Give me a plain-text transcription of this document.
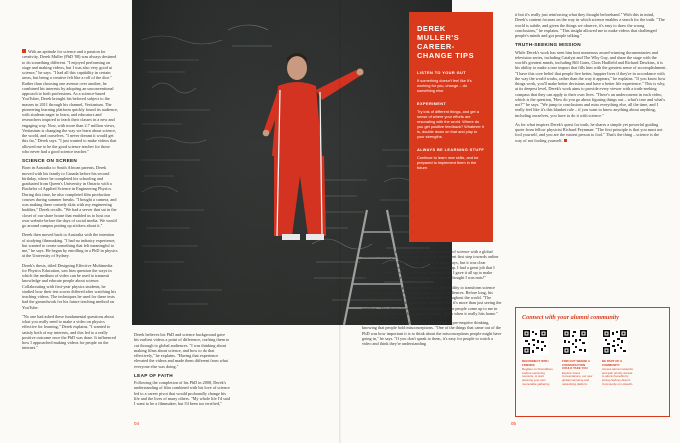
With an aptitude for science and a passion for creativity, Derek Muller (PhD '08) was always destined to do something different. "I enjoyed performing on stage and making videos, but I was also very good at science," he says. "I had all this capability in certain areas, but being a creative felt like a roll of the dice." Rather than choosing one avenue over another, he combined his interests by adopting an unconventional approach to both professions. As a science-based YouTuber, Derek brought his beloved subject to the masses in 2011 through his channel, Veritasium. The pioneering learning platform quickly found its audience, with students eager to learn, and educators and researchers inspired to teach their classes in a new and engaging way. Now, with more than 2.7 million views, Veritasium is changing the way we learn about science, the world, and ourselves. "I never dreamt it would get this far," Derek says. "I just wanted to make videos that allowed me to be the good science teacher for those who never had a good science teacher."

SCIENCE ON SCREEN

Born in Australia to South African parents, Derek moved with his family to Canada before his second birthday, where he completed his schooling and graduated from Queen's University in Ontario with a Bachelor of Applied Science in Engineering Physics. During this time, he also completed film production courses during summer breaks. "I bought a camera, and was making these comedy skits with my engineering buddies," Derek recalls. "We had a server that sat in the closet of our share house that enabled us to host our own website before the days of social media. We would go around campus putting up stickers about it."

Derek then moved back to Australia with the intention of studying filmmaking. "I had no industry experience, but wanted to create something that felt meaningful to me," he says. He began by enrolling in a PhD in physics at the University of Sydney.

Derek's thesis, titled Designing Effective Multimedia for Physics Education, saw him question the ways in which the medium of video can be used to transmit knowledge and educate people about science. Collaborating with first-year physics students, he studied how their test scores differed after watching his teaching videos. The techniques he used for these tests had the groundwork for his future teaching method on YouTube.

"No one had asked these fundamental questions about what you really need to make a video on physics effective for learning," Derek explains. "I wanted to satisfy both of my interests, and this led to a really positive outcome once the PhD was done. It influenced how I approached making videos for people on the internet."

Derek believes his PhD and science background gave his earliest videos a point of difference, crafting them to cut through to global audiences. "I was thinking about making films about science, and how to do that effectively," he explains. "Having that experience elevated the videos and made them different from what everyone else was doing."

LEAP OF FAITH

Following the completion of his PhD in 2008, Derek's understanding of film combined with his love of science led to a career pivot that would profoundly change his life and the lives of many others. "My whole life I'd said I want to be a filmmaker, but I'd been too terrified,"

he says. Driven by the desire to share his knowledge of science with a global audience, Derek put his fears aside and took a prescient first step towards online video creation. "YouTube was still nascent in those days, but it was clear something was happening," he says. "It was a real leap. I had a great job that I enjoyed, teaching physics at a tutoring company, and I gave it all up to make YouTube videos before that was a thing. My friends thought I was nuts!"

Derek's videos quickly garnered attention for their ability to transform science into an approachable and engaging subject for all audiences. Before long, his channel, Veritasium, had millions of subscribers throughout the world. "The numbers got unfathomable pretty fast," he says. "But it's more than just seeing the numbers – I've always found it most meaningful when people come up to me in the street and tell me they love what I'm doing. That's when it really hits home."

Derek believes that the key to success is his belief in pre-emptive thinking, knowing that people hold misconceptions. "One of the things that came out of the PhD was how important it is to think about the misconceptions people might have going in," he says. "If you don't speak to them, it's easy for people to watch a video and think they're understanding

DEREK MULLER'S CAREER-CHANGE TIPS
LISTEN TO YOUR GUT

If something doesn't feel like it's working for you, change – do something else.

EXPERIMENT

Try lots of different things, and get a sense of where your efforts are resonating with the world. Where do you get positive feedback? Whatever it is, double down on that and play to your strengths.

ALWAYS BE LEARNING STUFF

Continue to learn new skills, and be prepared to implement them in the future.

it but it's really just reinforcing what they thought beforehand." With this in mind, Derek's content focuses on the way in which science enables a search for the truth. "The world is subtle, and given the things we observe, it's easy to draw the wrong conclusions," he explains. "This insight allowed me to make videos that challenged people's minds and got people talking."

TRUTH-SEEKING MISSION

While Derek's work has seen him host numerous award-winning documentaries and television series, including Catalyst and The Why Guy, and share the stage with the world's greatest minds, including Bill Gates, Chris Hadfield and Richard Dawkins, it is his ability to make a true impact that fills him with the greatest sense of accomplishment. "I have this core belief that people live better, happier lives if they're in accordance with the way the world works, rather than the way it appears," he explains. "If you know how things work, you'll make better decisions and have a better life experience." This is why, at its deepest level, Derek's work aims to provide every viewer with a truth-seeking compass that they can apply to their own lives. "There's an undercurrent in each video, which is the question, 'How do you go about figuring things out – what's true and what's not?'" he says. "We jump to conclusions and miss everything else, all the time, and I really feel like it's this blanket rule – if you want to know anything about anything, including ourselves, you have to do it with science."

As for what inspires Derek's quest for truth, he shares a simple yet powerful guiding quote from fellow physicist Richard Feynman: "The first principle is that you must not fool yourself, and you are the easiest person to fool." That's the thing – science is the way of not fooling yourself.

Connect with your alumni community
RECONNECT WITH FRIENDS
Register on Friend2Gov, explore upcoming reunions, or start planning your own memorable gathering
FIND OUT WHERE A CONVERSATION COULD TAKE YOU
Explore Good Conversations, our new global mentoring and networking platform
BE PART OF A COMMUNITY
Access alumni networks and gain priority access to alumni benefits by joining Sydney Alumni Community on LinkedIn
04	05
